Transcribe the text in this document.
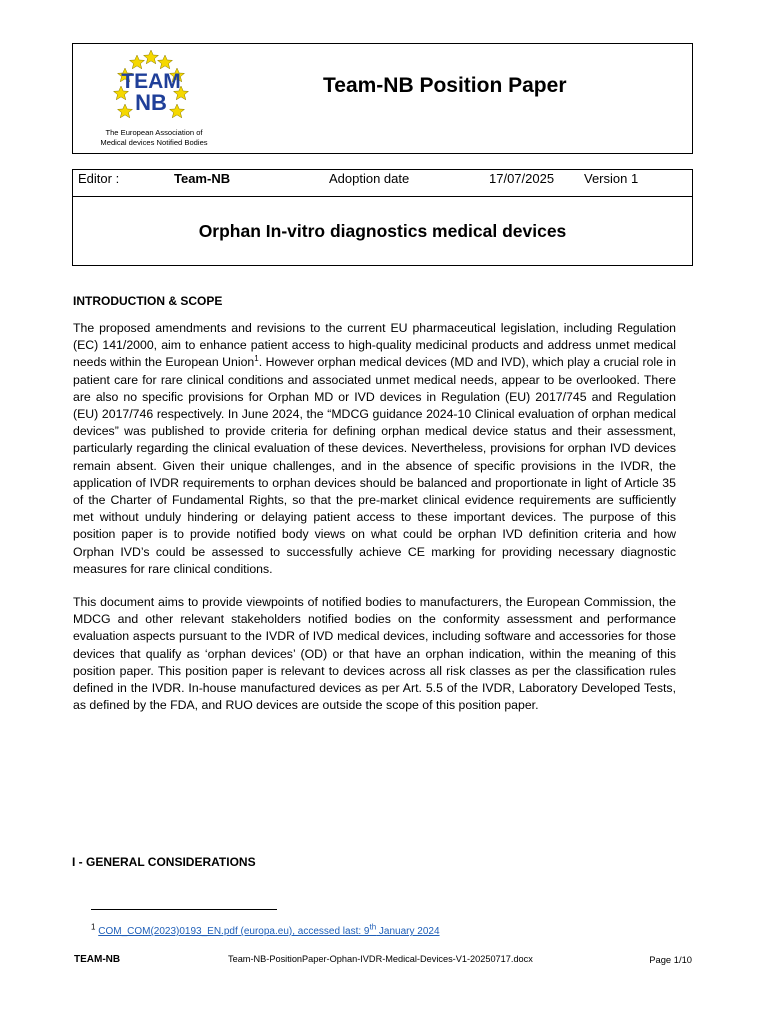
TEAM
NB
The European Association of
Medical devices Notified Bodies
Team-NB Position Paper
Editor :	Team-NB	Adoption date	17/07/2025 Version 1
Orphan In-vitro diagnostics medical devices
INTRODUCTION & SCOPE

The proposed amendments and revisions to the current EU pharmaceutical legislation, including Regulation (EC) 141/2000, aim to enhance patient access to high-quality medicinal products and address unmet medical needs within the European Union$^1$. However orphan medical devices (MD and IVD), which play a crucial role in patient care for rare clinical conditions and associated unmet medical needs, appear to be overlooked. There are also no specific provisions for Orphan MD or IVD devices in Regulation (EU) 2017/745 and Regulation (EU) 2017/746 respectively. In June 2024, the “MDCG guidance 2024-10 Clinical evaluation of orphan medical devices” was published to provide criteria for defining orphan medical device status and their assessment, particularly regarding the clinical evaluation of these devices. Nevertheless, provisions for orphan IVD devices remain absent. Given their unique challenges, and in the absence of specific provisions in the IVDR, the application of IVDR requirements to orphan devices should be balanced and proportionate in light of Article 35 of the Charter of Fundamental Rights, so that the pre-market clinical evidence requirements are sufficiently met without unduly hindering or delaying patient access to these important devices. The purpose of this position paper is to provide notified body views on what could be orphan IVD definition criteria and how Orphan IVD’s could be assessed to successfully achieve CE marking for providing necessary diagnostic measures for rare clinical conditions.

This document aims to provide viewpoints of notified bodies to manufacturers, the European Commission, the MDCG and other relevant stakeholders notified bodies on the conformity assessment and performance evaluation aspects pursuant to the IVDR of IVD medical devices, including software and accessories for those devices that qualify as ‘orphan devices’ (OD) or that have an orphan indication, within the meaning of this position paper. This position paper is relevant to devices across all risk classes as per the classification rules defined in the IVDR. In-house manufactured devices as per Art. 5.5 of the IVDR, Laboratory Developed Tests, as defined by the FDA, and RUO devices are outside the scope of this position paper.

I - GENERAL CONSIDERATIONS
$^1$ COM_COM(2023)0193_EN.pdf (europa.eu), accessed last: 9th January 2024
TEAM-NB	Team-NB-PositionPaper-Ophan-IVDR-Medical-Devices-V1-20250717.docx	Page 1/10
